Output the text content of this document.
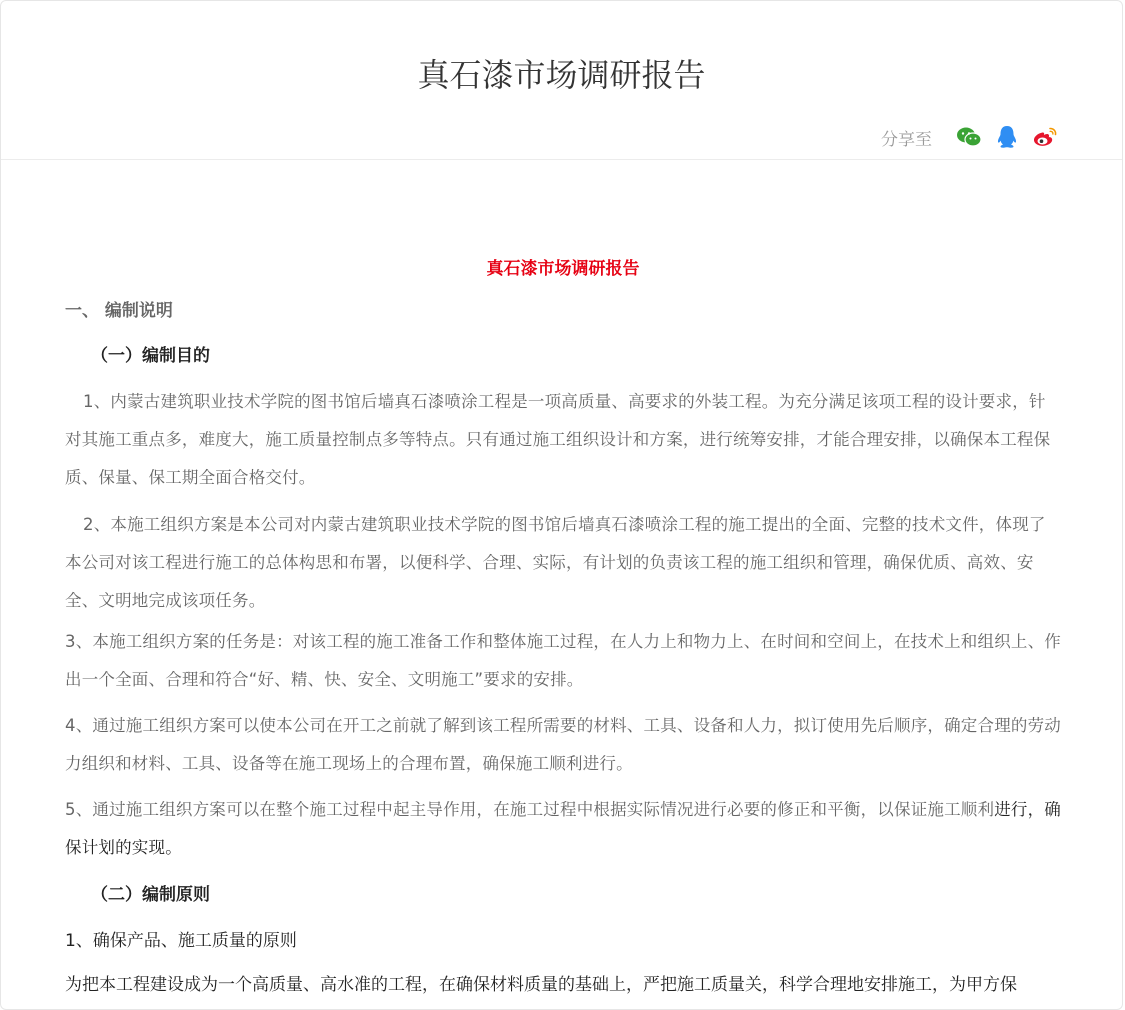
真石漆市场调研报告
分享至
真石漆市场调研报告
一、 编制说明
（一）编制目的

1、内蒙古建筑职业技术学院的图书馆后墙真石漆喷涂工程是一项高质量、高要求的外装工程。为充分满足该项工程的设计要求，针对其施工重点多，难度大，施工质量控制点多等特点。只有通过施工组织设计和方案，进行统筹安排，才能合理安排，以确保本工程保质、保量、保工期全面合格交付。

2、本施工组织方案是本公司对内蒙古建筑职业技术学院的图书馆后墙真石漆喷涂工程的施工提出的全面、完整的技术文件，体现了本公司对该工程进行施工的总体构思和布署，以便科学、合理、实际，有计划的负责该工程的施工组织和管理，确保优质、高效、安全、文明地完成该项任务。

3、本施工组织方案的任务是：对该工程的施工准备工作和整体施工过程，在人力上和物力上、在时间和空间上，在技术上和组织上、作出一个全面、合理和符合“好、精、快、安全、文明施工”要求的安排。

4、通过施工组织方案可以使本公司在开工之前就了解到该工程所需要的材料、工具、设备和人力，拟订使用先后顺序，确定合理的劳动力组织和材料、工具、设备等在施工现场上的合理布置，确保施工顺利进行。

5、通过施工组织方案可以在整个施工过程中起主导作用，在施工过程中根据实际情况进行必要的修正和平衡，以保证施工顺利进行，确保计划的实现。

（二）编制原则
1、确保产品、施工质量的原则
为把本工程建设成为一个高质量、高水准的工程，在确保材料质量的基础上，严把施工质量关，科学合理地安排施工，为甲方保
